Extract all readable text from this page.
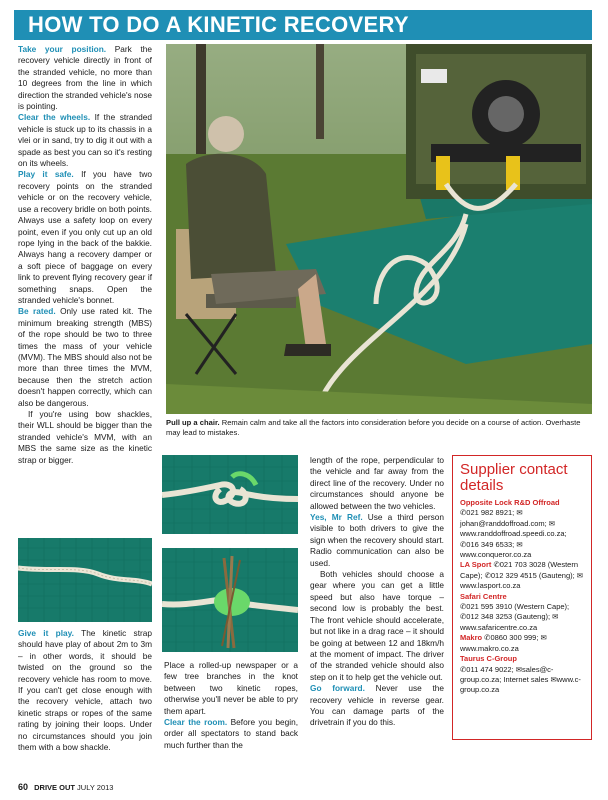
HOW TO DO A KINETIC RECOVERY

Take your position. Park the recovery vehicle directly in front of the stranded vehicle, no more than 10 degrees from the line in which direction the stranded vehicle's nose is pointing.

Clear the wheels. If the stranded vehicle is stuck up to its chassis in a vlei or in sand, try to dig it out with a spade as best you can so it's resting on its wheels.

Play it safe. If you have two recovery points on the stranded vehicle or on the recovery vehicle, use a recovery bridle on both points. Always use a safety loop on every point, even if you only cut up an old rope lying in the back of the bakkie. Always hang a recovery damper or a soft piece of baggage on every link to prevent flying recovery gear if something snaps. Open the stranded vehicle's bonnet.

Be rated. Only use rated kit. The minimum breaking strength (MBS) of the rope should be two to three times the mass of your vehicle (MVM). The MBS should also not be more than three times the MVM, because then the stretch action doesn't happen correctly, which can also be dangerous.

If you're using bow shackles, their WLL should be bigger than the stranded vehicle's MVM, with an MBS the same size as the kinetic strap or bigger.

Give it play. The kinetic strap should have play of about 2m to 3m – in other words, it should be twisted on the ground so the recovery vehicle has room to move. If you can't get close enough with the recovery vehicle, attach two kinetic straps or ropes of the same rating by joining their loops. Under no circumstances should you join them with a bow shackle.

Pull up a chair. Remain calm and take all the factors into consideration before you decide on a course of action. Overhaste may lead to mistakes.

Place a rolled-up newspaper or a few tree branches in the knot between two kinetic ropes, otherwise you'll never be able to pry them apart.

Clear the room. Before you begin, order all spectators to stand back much further than the

length of the rope, perpendicular to the vehicle and far away from the direct line of the recovery. Under no circumstances should anyone be allowed between the two vehicles.

Yes, Mr Ref. Use a third person visible to both drivers to give the sign when the recovery should start. Radio communication can also be used.

Both vehicles should choose a gear where you can get a little speed but also have torque – second low is probably the best. The front vehicle should accelerate, but not like in a drag race – it should be going at between 12 and 18km/h at the moment of impact. The driver of the stranded vehicle should also step on it to help get the vehicle out.

Go forward. Never use the recovery vehicle in reverse gear. You can damage parts of the drivetrain if you do this.

Supplier contact details

Opposite Lock R&D Offroad

✆021 982 8921; ✉johan@randdoffroad.com; ✉www.randdoffroad.speedi.co.za; ✆016 349 6533; ✉www.conqueror.co.za

LA Sport ✆021 703 3028 (Western Cape); ✆012 329 4515 (Gauteng); ✉www.lasport.co.za

Safari Centre

✆021 595 3910 (Western Cape); ✆012 348 3253 (Gauteng); ✉www.safaricentre.co.za

Makro ✆0860 300 999; ✉www.makro.co.za

Taurus C-Group

✆011 474 9022; ✉sales@c-group.co.za; Internet sales ✉www.c-group.co.za

60 DRIVE OUT JULY 2013
